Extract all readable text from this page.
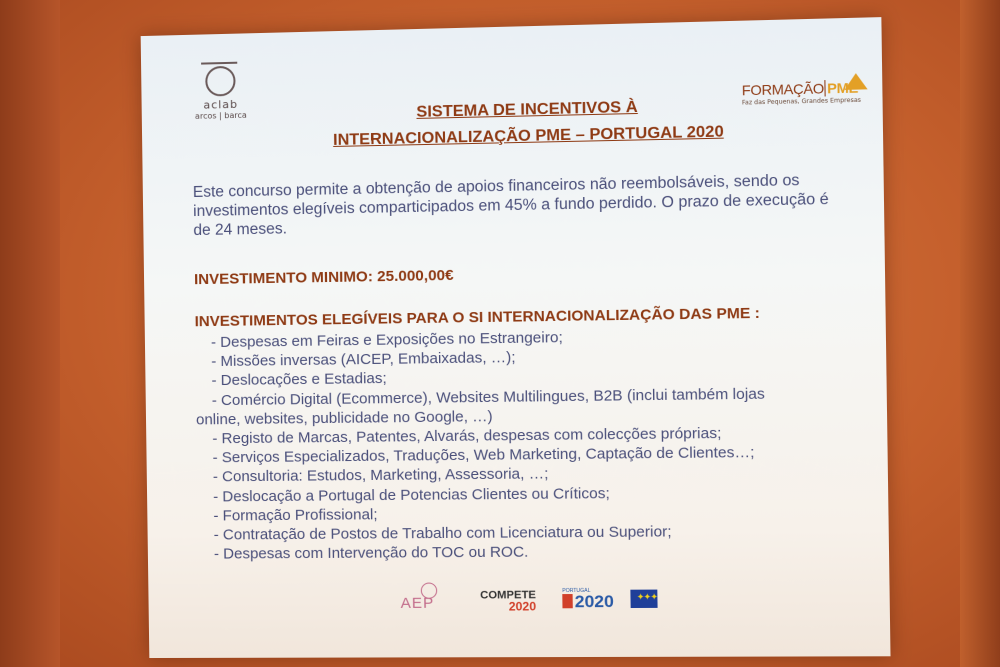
aclab
arcos | barca	SISTEMA DE INCENTIVOS À
INTERNACIONALIZAÇÃO PME – PORTUGAL 2020
FORMAÇÃO PME
Faz das Pequenas, Grandes Empresas
Este concurso permite a obtenção de apoios financeiros não reembolsáveis, sendo os investimentos elegíveis comparticipados em 45% a fundo perdido. O prazo de execução é de 24 meses.
INVESTIMENTO MINIMO: 25.000,00€
INVESTIMENTOS ELEGÍVEIS PARA O SI INTERNACIONALIZAÇÃO DAS PME :
- Despesas em Feiras e Exposições no Estrangeiro;
- Missões inversas (AICEP, Embaixadas, …);
- Deslocações e Estadias;
- Comércio Digital (Ecommerce), Websites Multilingues, B2B (inclui também lojas
online, websites, publicidade no Google, …)
- Registo de Marcas, Patentes, Alvarás, despesas com colecções próprias;
- Serviços Especializados, Traduções, Web Marketing, Captação de Clientes…;
- Consultoria: Estudos, Marketing, Assessoria, …;
- Deslocação a Portugal de Potencias Clientes ou Críticos;
- Formação Profissional;
- Contratação de Postos de Trabalho com Licenciatura ou Superior;
- Despesas com Intervenção do TOC ou ROC.
AEP	COMPETE
2020
PORTUGAL
2020	✦✦✦
